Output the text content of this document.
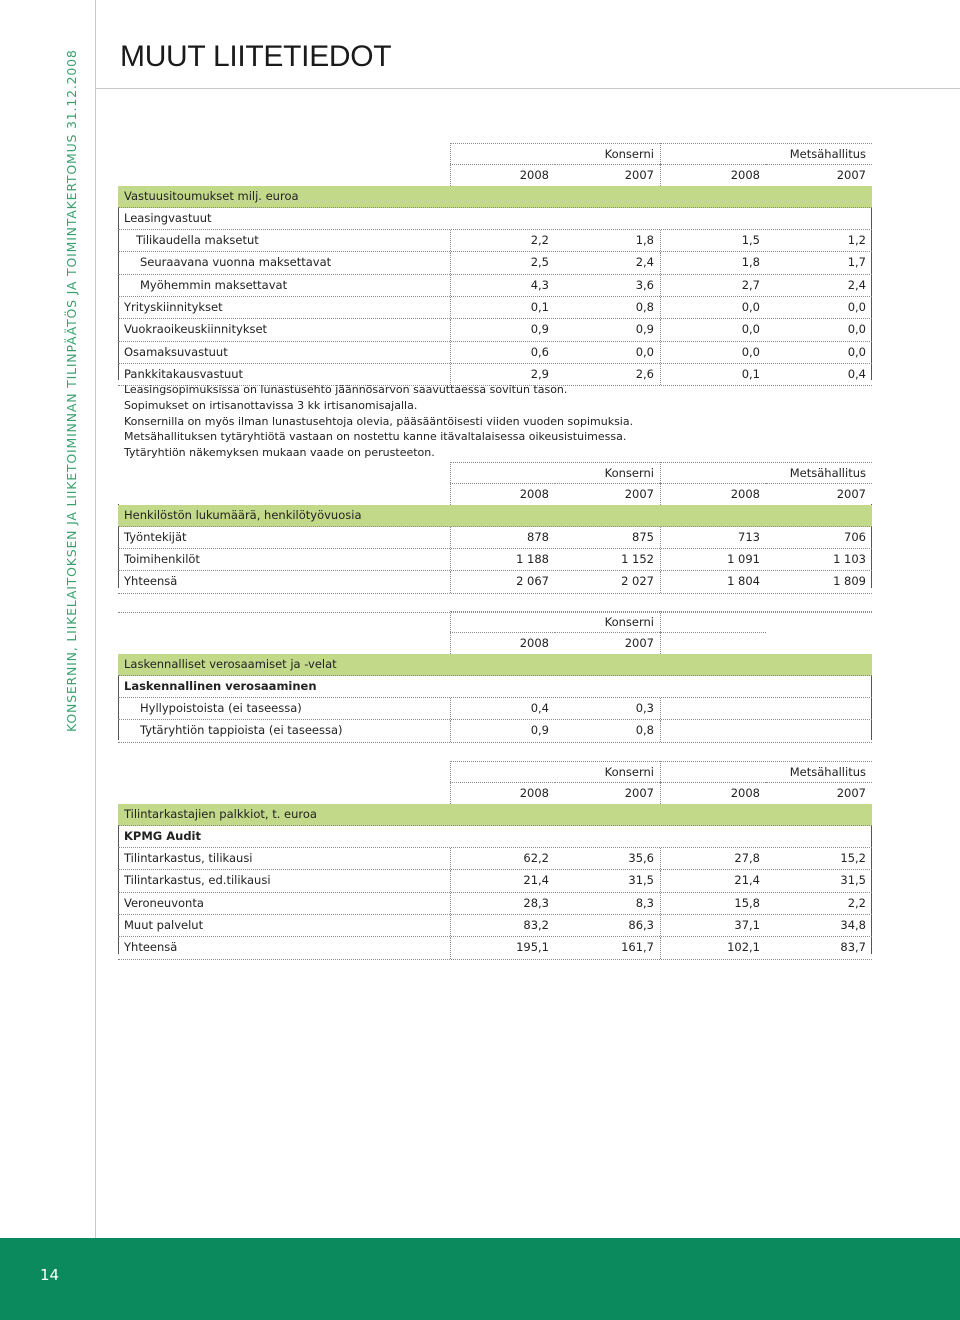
MUUT LIITETIEDOT
KONSERNIN, LIIKELAITOKSEN JA LIIKETOIMINNAN TILINPÄÄTÖS JA TOIMINTAKERTOMUS 31.12.2008	Konserni	Metsähallitus
2008	2007	2008	2007
Vastuusitoumukset milj. euroa
Leasingvastuut
Tilikaudella maksetut	2,2	1,8	1,5	1,2
Seuraavana vuonna maksettavat	2,5	2,4	1,8	1,7
Myöhemmin maksettavat	4,3	3,6	2,7	2,4
Yrityskiinnitykset	0,1	0,8	0,0	0,0
Vuokraoikeuskiinnitykset	0,9	0,9	0,0	0,0
Osamaksuvastuut	0,6	0,0	0,0	0,0
Pankkitakausvastuut	2,9	2,6	0,1	0,4
Leasingsopimuksissa on lunastusehto jäännösarvon saavuttaessa sovitun tason.
Sopimukset on irtisanottavissa 3 kk irtisanomisajalla.
Konsernilla on myös ilman lunastusehtoja olevia, pääsääntöisesti viiden vuoden sopimuksia.
Metsähallituksen tytäryhtiötä vastaan on nostettu kanne itävaltalaisessa oikeusistuimessa.
Tytäryhtiön näkemyksen mukaan vaade on perusteeton.
Konserni	Metsähallitus
2008	2007	2008	2007
Henkilöstön lukumäärä, henkilötyövuosia
Työntekijät	878	875	713	706
Toimihenkilöt	1 188	1 152	1 091	1 103
Yhteensä	2 067	2 027	1 804	1 809
Konserni
2008	2007
Laskennalliset verosaamiset ja -velat
Laskennallinen verosaaminen
Hyllypoistoista (ei taseessa)	0,4	0,3
Tytäryhtiön tappioista (ei taseessa)	0,9	0,8
Konserni	Metsähallitus
2008	2007	2008	2007
Tilintarkastajien palkkiot, t. euroa
KPMG Audit
Tilintarkastus, tilikausi	62,2	35,6	27,8	15,2
Tilintarkastus, ed.tilikausi	21,4	31,5	21,4	31,5
Veroneuvonta	28,3	8,3	15,8	2,2
Muut palvelut	83,2	86,3	37,1	34,8
Yhteensä	195,1	161,7	102,1	83,7
14
